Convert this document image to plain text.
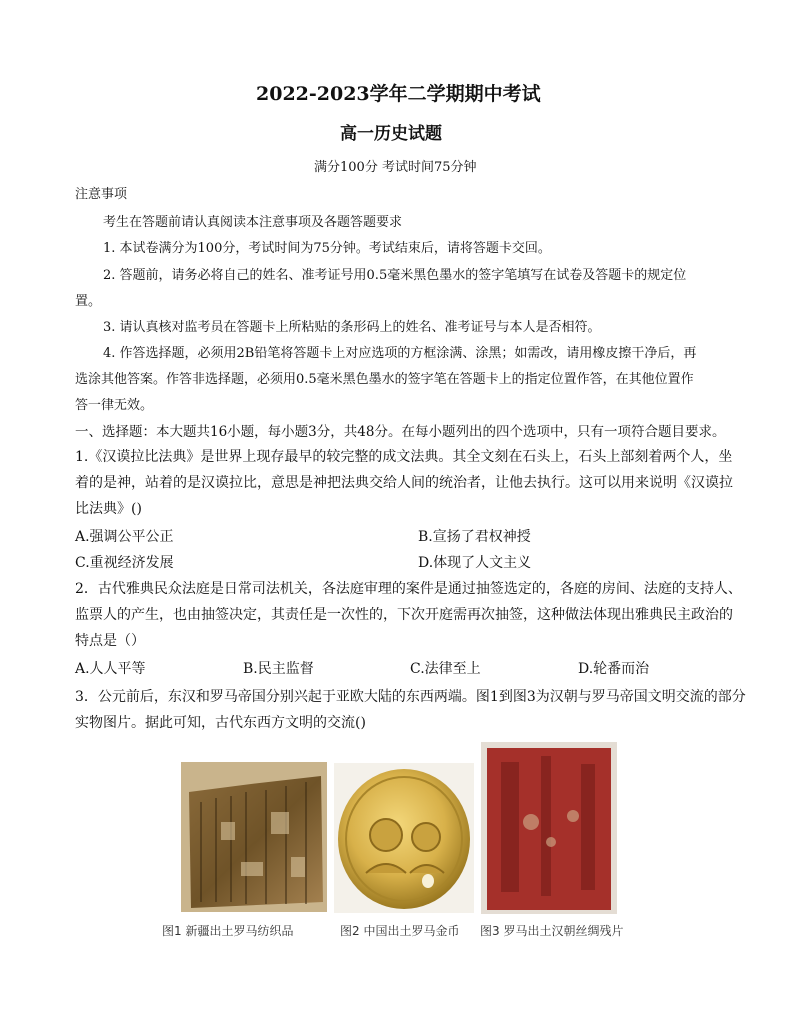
2022-2023学年二学期期中考试
高一历史试题
满分100分 考试时间75分钟
注意事项
考生在答题前请认真阅读本注意事项及各题答题要求
1. 本试卷满分为100分，考试时间为75分钟。考试结束后，请将答题卡交回。
2. 答题前，请务必将自己的姓名、准考证号用0.5毫米黑色墨水的签字笔填写在试卷及答题卡的规定位
置。
3. 请认真核对监考员在答题卡上所粘贴的条形码上的姓名、准考证号与本人是否相符。
4. 作答选择题，必须用2B铅笔将答题卡上对应选项的方框涂满、涂黑；如需改，请用橡皮擦干净后，再
选涂其他答案。作答非选择题，必须用0.5毫米黑色墨水的签字笔在答题卡上的指定位置作答，在其他位置作
答一律无效。
一、选择题：本大题共16小题，每小题3分，共48分。在每小题列出的四个选项中，只有一项符合题目要求。
1.《汉谟拉比法典》是世界上现存最早的较完整的成文法典。其全文刻在石头上，石头上部刻着两个人，坐
着的是神，站着的是汉谟拉比，意思是神把法典交给人间的统治者，让他去执行。这可以用来说明《汉谟拉
比法典》()
A.强调公平公正	B.宣扬了君权神授
C.重视经济发展	D.体现了人文主义
2．古代雅典民众法庭是日常司法机关，各法庭审理的案件是通过抽签选定的，各庭的房间、法庭的支持人、
监票人的产生，也由抽签决定，其责任是一次性的，下次开庭需再次抽签，这种做法体现出雅典民主政治的
特点是（）
A.人人平等	B.民主监督	C.法律至上	D.轮番而治
3．公元前后，东汉和罗马帝国分别兴起于亚欧大陆的东西两端。图1到图3为汉朝与罗马帝国文明交流的部分
实物图片。据此可知，古代东西方文明的交流()
图1 新疆出土罗马纺织品	图2 中国出土罗马金币 图3 罗马出土汉朝丝绸残片
